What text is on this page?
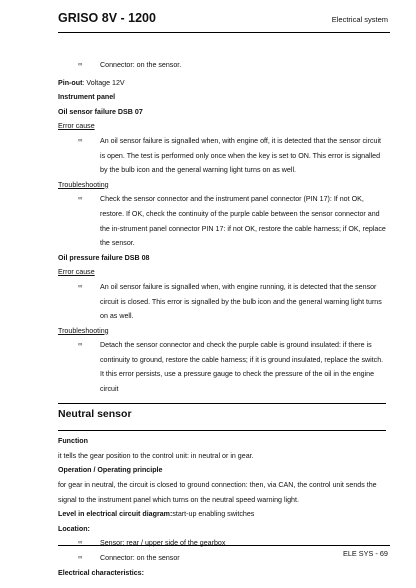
GRISO 8V - 1200	Electrical system
∞	Connector: on the sensor.

Pin-out: Voltage 12V

Instrument panel

Oil sensor failure DSB 07

Error cause

∞	An oil sensor failure is signalled when, with engine off, it is detected that the sensor circuit is open. The test is performed only once when the key is set to ON. This error is signalled by the bulb icon and the general warning light turns on as well.

Troubleshooting

∞	Check the sensor connector and the instrument panel connector (PIN 17): If not OK, restore. If OK, check the continuity of the purple cable between the sensor connector and the in-strument panel connector PIN 17: if not OK, restore the cable harness; if OK, replace the sensor.

Oil pressure failure DSB 08

Error cause

∞	An oil sensor failure is signalled when, with engine running, it is detected that the sensor circuit is closed. This error is signalled by the bulb icon and the general warning light turns on as well.

Troubleshooting

∞	Detach the sensor connector and check the purple cable is ground insulated: if there is continuity to ground, restore the cable harness; if it is ground insulated, replace the switch. It this error persists, use a pressure gauge to check the pressure of the oil in the engine circuit
Neutral sensor

Function

it tells the gear position to the control unit: in neutral or in gear.

Operation / Operating principle

for gear in neutral, the circuit is closed to ground connection: then, via CAN, the control unit sends the signal to the instrument panel which turns on the neutral speed warning light.

Level in electrical circuit diagram:start-up enabling switches

Location:

∞	Sensor: rear / upper side of the gearbox
∞	Connector: on the sensor

Electrical characteristics:

ELE SYS - 69
